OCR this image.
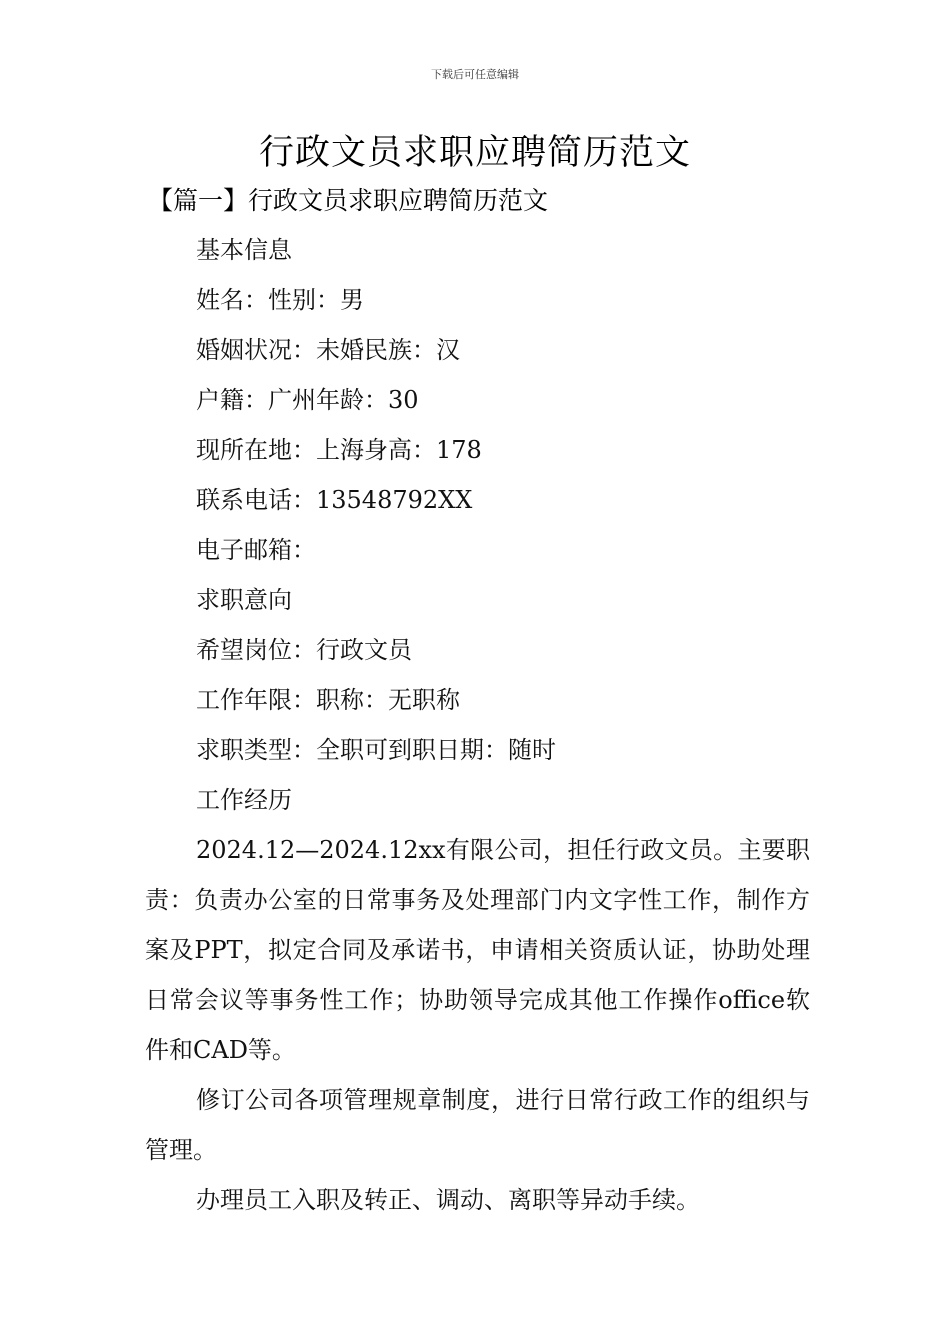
下载后可任意编辑
行政文员求职应聘简历范文
【篇一】行政文员求职应聘简历范文
基本信息
姓名：性别：男
婚姻状况：未婚民族：汉
户籍：广州年龄：30
现所在地：上海身高：178
联系电话：13548792XX
电子邮箱：
求职意向
希望岗位：行政文员
工作年限：职称：无职称
求职类型：全职可到职日期：随时
工作经历
2024.12—2024.12xx有限公司，担任行政文员。主要职责：负责办公室的日常事务及处理部门内文字性工作，制作方案及PPT，拟定合同及承诺书，申请相关资质认证，协助处理日常会议等事务性工作；协助领导完成其他工作操作office软件和CAD等。
修订公司各项管理规章制度，进行日常行政工作的组织与管理。
办理员工入职及转正、调动、离职等异动手续。
